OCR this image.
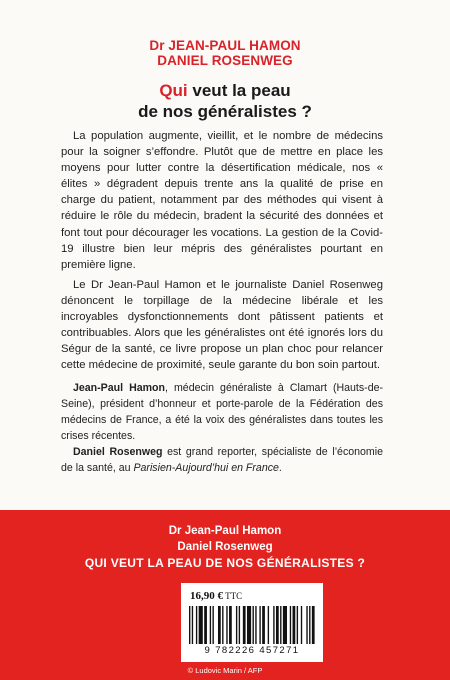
Dr JEAN-PAUL HAMON
DANIEL ROSENWEG
Qui veut la peau
de nos généralistes ?

La population augmente, vieillit, et le nombre de médecins pour la soigner s’effondre. Plutôt que de mettre en place les moyens pour lutter contre la désertification médicale, nos « élites » dégradent depuis trente ans la qualité de prise en charge du patient, notamment par des méthodes qui visent à réduire le rôle du médecin, bradent la sécurité des données et font tout pour décourager les vocations. La gestion de la Covid-19 illustre bien leur mépris des généralistes pourtant en première ligne.

Le Dr Jean-Paul Hamon et le journaliste Daniel Rosenweg dénoncent le torpillage de la médecine libérale et les incroyables dysfonctionnements dont pâtissent patients et contribuables. Alors que les généralistes ont été ignorés lors du Ségur de la santé, ce livre propose un plan choc pour relancer cette médecine de proximité, seule garante du bon soin partout.

Jean-Paul Hamon, médecin généraliste à Clamart (Hauts-de-Seine), président d’honneur et porte-parole de la Fédération des médecins de France, a été la voix des généralistes dans toutes les crises récentes.

Daniel Rosenweg est grand reporter, spécialiste de l’économie de la santé, au Parisien-Aujourd’hui en France.

Dr Jean-Paul Hamon
Daniel Rosenweg
QUI VEUT LA PEAU DE NOS GÉNÉRALISTES ?
16,90 € TTC
9 782226 457271
© Ludovic Marin / AFP
